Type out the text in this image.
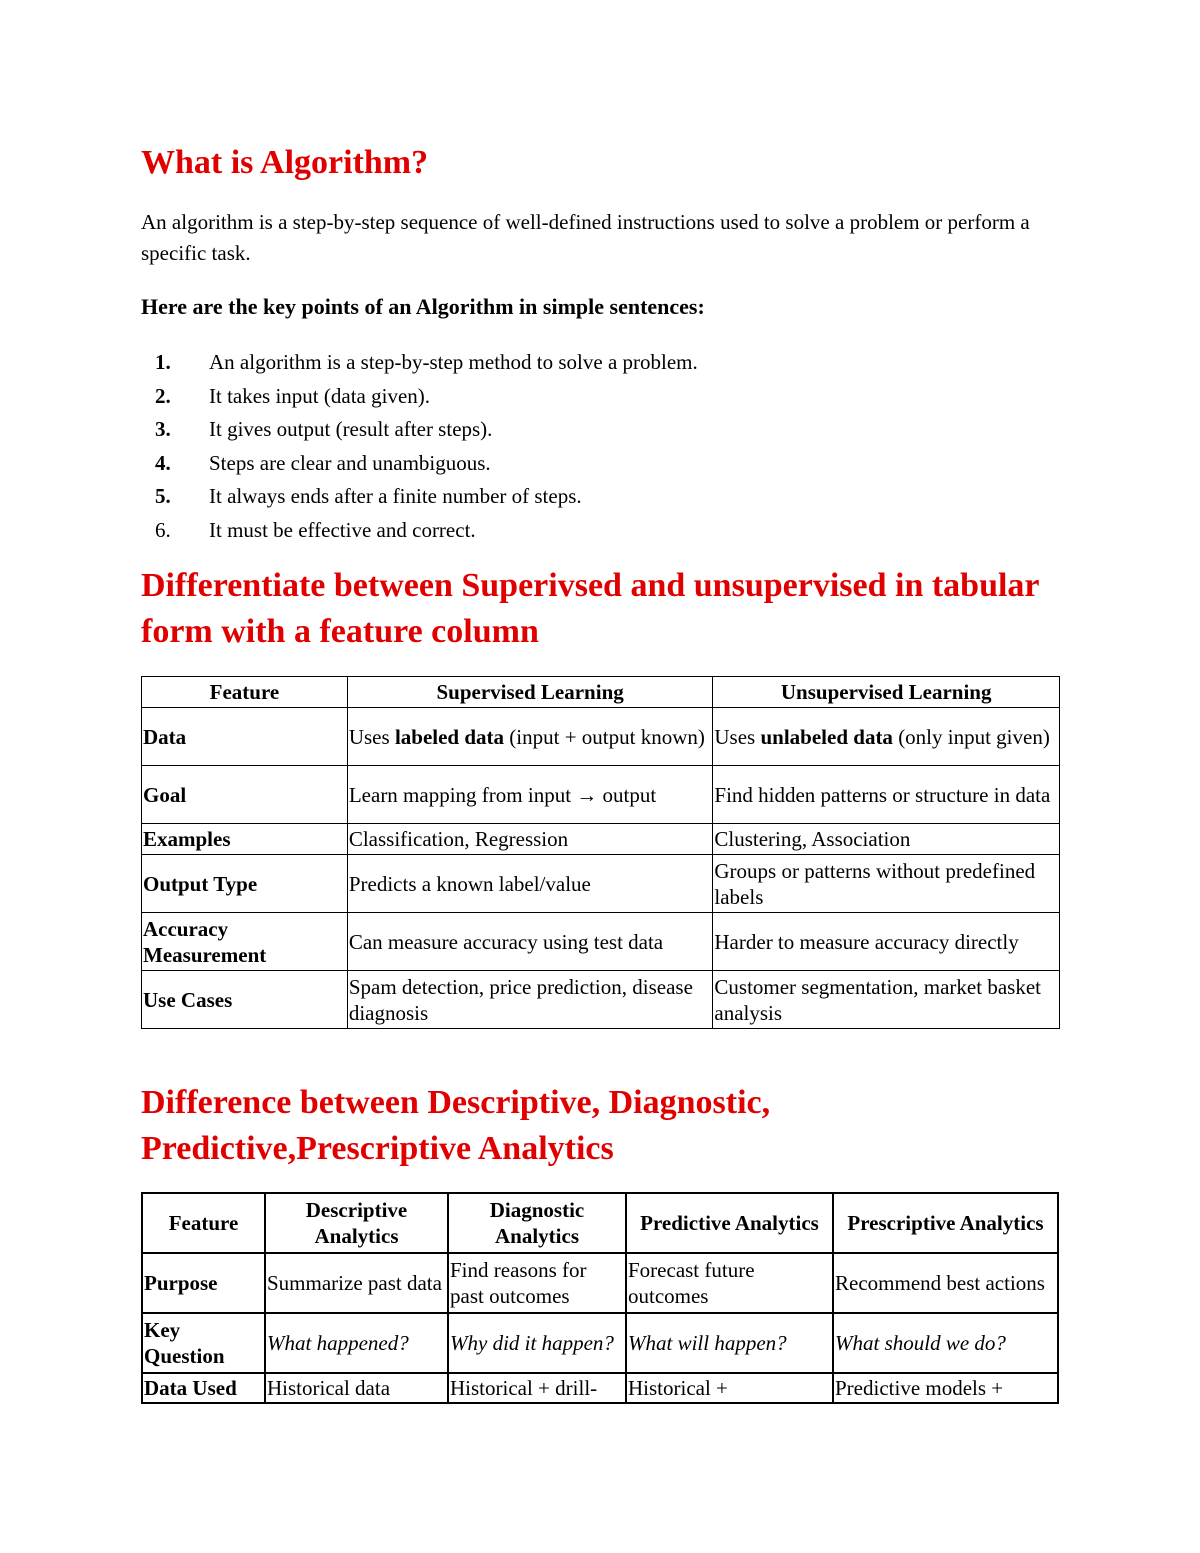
What is Algorithm?

An algorithm is a step-by-step sequence of well-defined instructions used to solve a problem or perform a specific task.

Here are the key points of an Algorithm in simple sentences:

1. An algorithm is a step-by-step method to solve a problem.
2. It takes input (data given).
3. It gives output (result after steps).
4. Steps are clear and unambiguous.
5. It always ends after a finite number of steps.
6. It must be effective and correct.
Differentiate between Superivsed and unsupervised in tabular form with a feature column
Feature	Supervised Learning	Unsupervised Learning
Data	Uses labeled data (input + output known)	Uses unlabeled data (only input given)
Goal	Learn mapping from input → output	Find hidden patterns or structure in data
Examples	Classification, Regression	Clustering, Association
Output Type	Predicts a known label/value	Groups or patterns without predefined labels
Accuracy Measurement	Can measure accuracy using test data	Harder to measure accuracy directly
Use Cases	Spam detection, price prediction, disease diagnosis	Customer segmentation, market basket analysis
Difference between Descriptive, Diagnostic, Predictive,Prescriptive Analytics
Feature	Descriptive Analytics	Diagnostic Analytics	Predictive Analytics	Prescriptive Analytics
Purpose	Summarize past data	Find reasons for past outcomes	Forecast future outcomes	Recommend best actions
Key Question	What happened?	Why did it happen?	What will happen?	What should we do?
Data Used	Historical data	Historical + drill-	Historical +	Predictive models +
